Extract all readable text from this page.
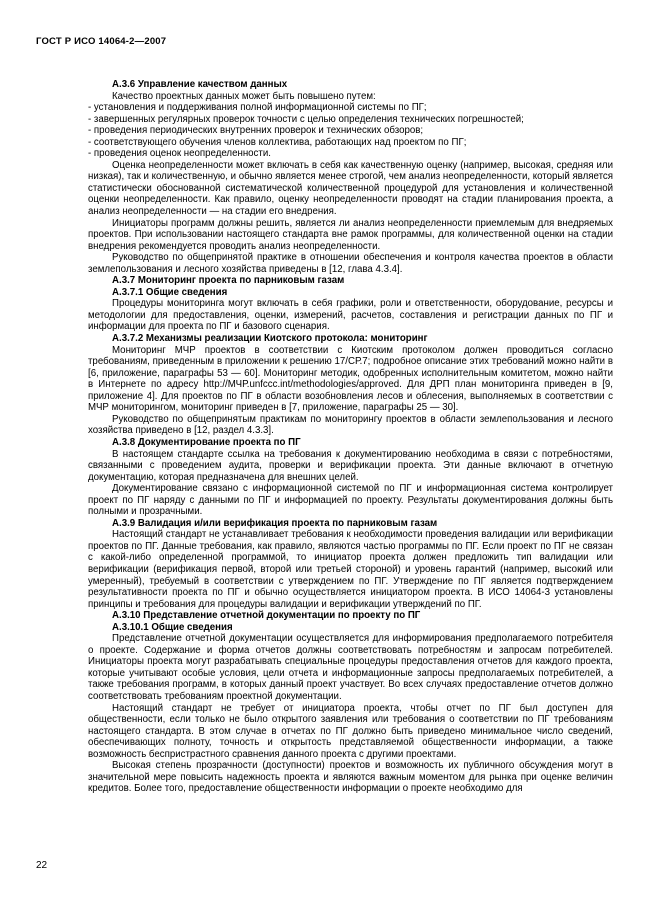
ГОСТ Р ИСО 14064-2—2007

А.3.6 Управление качеством данных

Качество проектных данных может быть повышено путем:

- установления и поддерживания полной информационной системы по ПГ;

- завершенных регулярных проверок точности с целью определения технических погрешностей;

- проведения периодических внутренних проверок и технических обзоров;

- соответствующего обучения членов коллектива, работающих над проектом по ПГ;

- проведения оценок неопределенности.

Оценка неопределенности может включать в себя как качественную оценку (например, высокая, средняя или низкая), так и количественную, и обычно является менее строгой, чем анализ неопределенности, который является статистически обоснованной систематической количественной процедурой для установления и количественной оценки неопределенности. Как правило, оценку неопределенности проводят на стадии планирования проекта, а анализ неопределенности — на стадии его внедрения.

Инициаторы программ должны решить, является ли анализ неопределенности приемлемым для внедряемых проектов. При использовании настоящего стандарта вне рамок программы, для количественной оценки на стадии внедрения рекомендуется проводить анализ неопределенности.

Руководство по общепринятой практике в отношении обеспечения и контроля качества проектов в области землепользования и лесного хозяйства приведены в [12, глава 4.3.4].

А.3.7 Мониторинг проекта по парниковым газам

А.3.7.1 Общие сведения

Процедуры мониторинга могут включать в себя графики, роли и ответственности, оборудование, ресурсы и методологии для предоставления, оценки, измерений, расчетов, составления и регистрации данных по ПГ и информации для проекта по ПГ и базового сценария.

А.3.7.2 Механизмы реализации Киотского протокола: мониторинг

Мониторинг МЧР проектов в соответствии с Киотским протоколом должен проводиться согласно требованиям, приведенным в приложении к решению 17/СР.7; подробное описание этих требований можно найти в [6, приложение, параграфы 53 — 60]. Мониторинг методик, одобренных исполнительным комитетом, можно найти в Интернете по адресу http://МЧР.unfccc.int/methodologies/approved. Для ДРП план мониторинга приведен в [9, приложение 4]. Для проектов по ПГ в области возобновления лесов и облесения, выполняемых в соответствии с МЧР мониторингом, мониторинг приведен в [7, приложение, параграфы 25 — 30].

Руководство по общепринятым практикам по мониторингу проектов в области землепользования и лесного хозяйства приведено в [12, раздел 4.3.3].

А.3.8 Документирование проекта по ПГ

В настоящем стандарте ссылка на требования к документированию необходима в связи с потребностями, связанными с проведением аудита, проверки и верификации проекта. Эти данные включают в отчетную документацию, которая предназначена для внешних целей.

Документирование связано с информационной системой по ПГ и информационная система контролирует проект по ПГ наряду с данными по ПГ и информацией по проекту. Результаты документирования должны быть полными и прозрачными.

А.3.9 Валидация и/или верификация проекта по парниковым газам

Настоящий стандарт не устанавливает требования к необходимости проведения валидации или верификации проектов по ПГ. Данные требования, как правило, являются частью программы по ПГ. Если проект по ПГ не связан с какой-либо определенной программой, то инициатор проекта должен предложить тип валидации или верификации (верификация первой, второй или третьей стороной) и уровень гарантий (например, высокий или умеренный), требуемый в соответствии с утверждением по ПГ. Утверждение по ПГ является подтверждением результативности проекта по ПГ и обычно осуществляется инициатором проекта. В ИСО 14064-3 установлены принципы и требования для процедуры валидации и верификации утверждений по ПГ.

А.3.10 Представление отчетной документации по проекту по ПГ

А.3.10.1 Общие сведения

Представление отчетной документации осуществляется для информирования предполагаемого потребителя о проекте. Содержание и форма отчетов должны соответствовать потребностям и запросам потребителей. Инициаторы проекта могут разрабатывать специальные процедуры предоставления отчетов для каждого проекта, которые учитывают особые условия, цели отчета и информационные запросы предполагаемых потребителей, а также требования программ, в которых данный проект участвует. Во всех случаях предоставление отчетов должно соответствовать требованиям проектной документации.

Настоящий стандарт не требует от инициатора проекта, чтобы отчет по ПГ был доступен для общественности, если только не было открытого заявления или требования о соответствии по ПГ требованиям настоящего стандарта. В этом случае в отчетах по ПГ должно быть приведено минимальное число сведений, обеспечивающих полноту, точность и открытость представляемой общественности информации, а также возможность беспристрастного сравнения данного проекта с другими проектами.

Высокая степень прозрачности (доступности) проектов и возможность их публичного обсуждения могут в значительной мере повысить надежность проекта и являются важным моментом для рынка при оценке величин кредитов. Более того, предоставление общественности информации о проекте необходимо для

22
